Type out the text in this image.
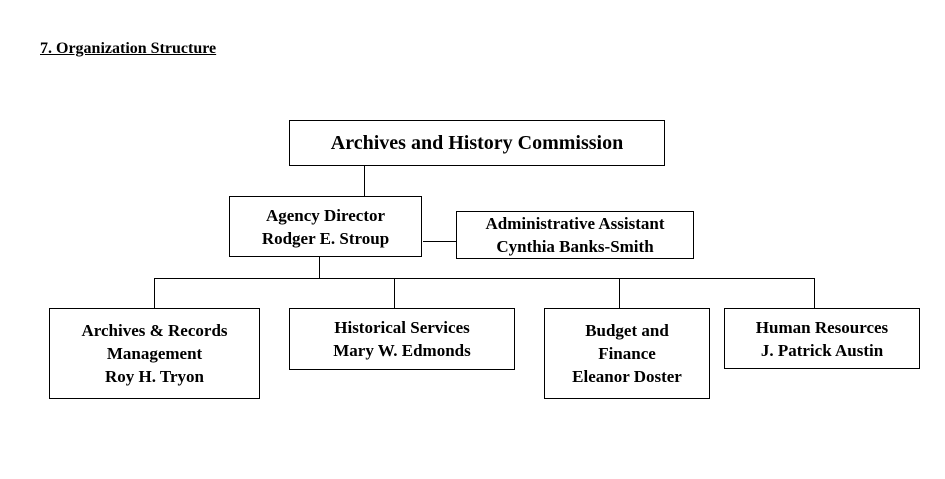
7. Organization Structure
Archives and History Commission
Agency Director
Rodger E. Stroup
Administrative Assistant
Cynthia Banks-Smith
Archives & Records
Management
Roy H. Tryon
Historical Services
Mary W. Edmonds
Budget and
Finance
Eleanor Doster
Human Resources
J. Patrick Austin
